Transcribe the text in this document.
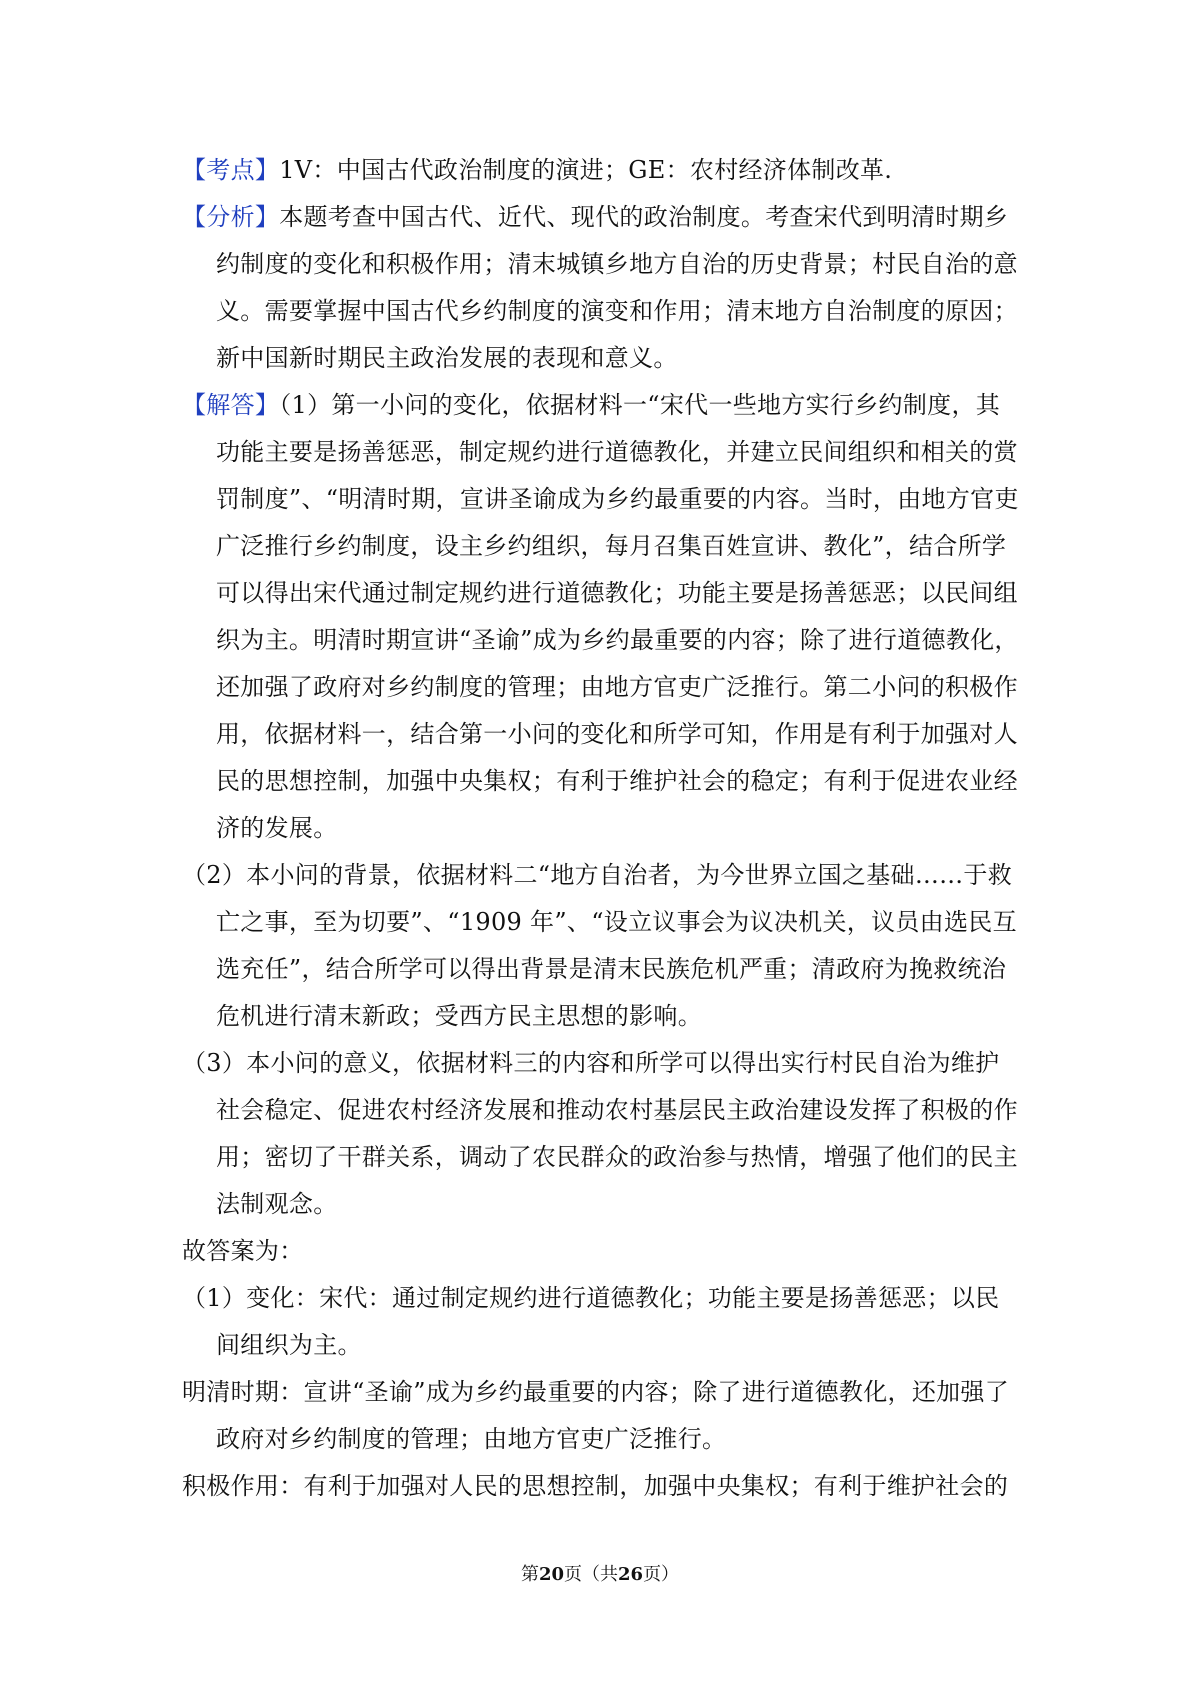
【考点】1V：中国古代政治制度的演进；GE：农村经济体制改革.

【分析】本题考查中国古代、近代、现代的政治制度。考查宋代到明清时期乡约制度的变化和积极作用；清末城镇乡地方自治的历史背景；村民自治的意义。需要掌握中国古代乡约制度的演变和作用；清末地方自治制度的原因；新中国新时期民主政治发展的表现和意义。

【解答】（1）第一小问的变化，依据材料一“宋代一些地方实行乡约制度，其功能主要是扬善惩恶，制定规约进行道德教化，并建立民间组织和相关的赏罚制度”、“明清时期，宣讲圣谕成为乡约最重要的内容。当时，由地方官吏广泛推行乡约制度，设主乡约组织，每月召集百姓宣讲、教化”，结合所学可以得出宋代通过制定规约进行道德教化；功能主要是扬善惩恶；以民间组织为主。明清时期宣讲“圣谕”成为乡约最重要的内容；除了进行道德教化，还加强了政府对乡约制度的管理；由地方官吏广泛推行。第二小问的积极作用，依据材料一，结合第一小问的变化和所学可知，作用是有利于加强对人民的思想控制，加强中央集权；有利于维护社会的稳定；有利于促进农业经济的发展。

（2）本小问的背景，依据材料二“地方自治者，为今世界立国之基础……于救亡之事，至为切要”、“1909 年”、“设立议事会为议决机关，议员由选民互选充任”，结合所学可以得出背景是清末民族危机严重；清政府为挽救统治危机进行清末新政；受西方民主思想的影响。

（3）本小问的意义，依据材料三的内容和所学可以得出实行村民自治为维护社会稳定、促进农村经济发展和推动农村基层民主政治建设发挥了积极的作用；密切了干群关系，调动了农民群众的政治参与热情，增强了他们的民主法制观念。

故答案为：

（1）变化：宋代：通过制定规约进行道德教化；功能主要是扬善惩恶；以民间组织为主。

明清时期：宣讲“圣谕”成为乡约最重要的内容；除了进行道德教化，还加强了政府对乡约制度的管理；由地方官吏广泛推行。

积极作用：有利于加强对人民的思想控制，加强中央集权；有利于维护社会的

第20页（共26页）
